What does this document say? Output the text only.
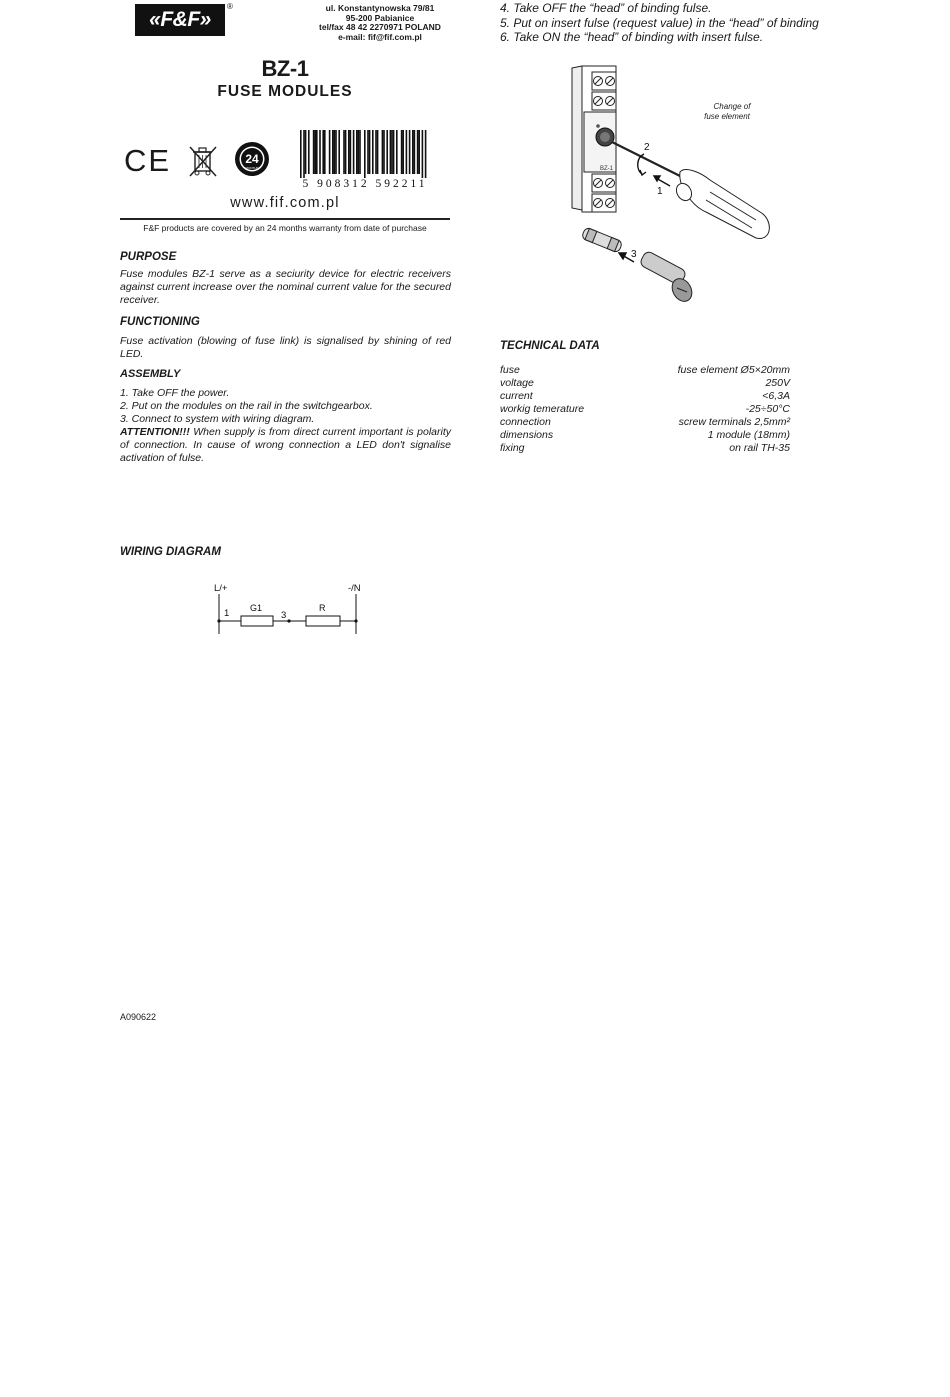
«F&F»
®	ul. Konstantynowska 79/81
95-200 Pabianice
tel/fax 48 42 2270971 POLAND
e-mail: fif@fif.com.pl
BZ-1
FUSE MODULES
CE	24
MONTHS
5 908312 592211
www.fif.com.pl
F&F products are covered by an 24 months warranty from date of purchase
PURPOSE
Fuse modules BZ-1 serve as a seciurity device for electric receivers against current increase over the nominal current value for the secured receiver.
FUNCTIONING
Fuse activation (blowing of fuse link) is signalised by shining of red LED.
ASSEMBLY
1. Take OFF the power.
2. Put on the modules on the rail in the switchgearbox.
3. Connect to system with wiring diagram.
ATTENTION!!! When supply is from direct current important is polarity of connection. In cause of wrong connection a LED don't signalise activation of fulse.
4. Take OFF the “head” of binding fulse.
5. Put on insert fulse (request value) in the “head” of binding
6. Take ON the “head” of binding with insert fulse.
BZ-1
2
1
Change of
fuse element
3
TECHNICAL DATA
fuse	fuse element Ø5×20mm
voltage	250V
current	<6,3A
workig temerature	-25÷50°C
connection	screw terminals 2,5mm²
dimensions	1 module (18mm)
fixing	on rail TH-35
WIRING DIAGRAM
L/+	-/N
1 G1
3
R
A090622
